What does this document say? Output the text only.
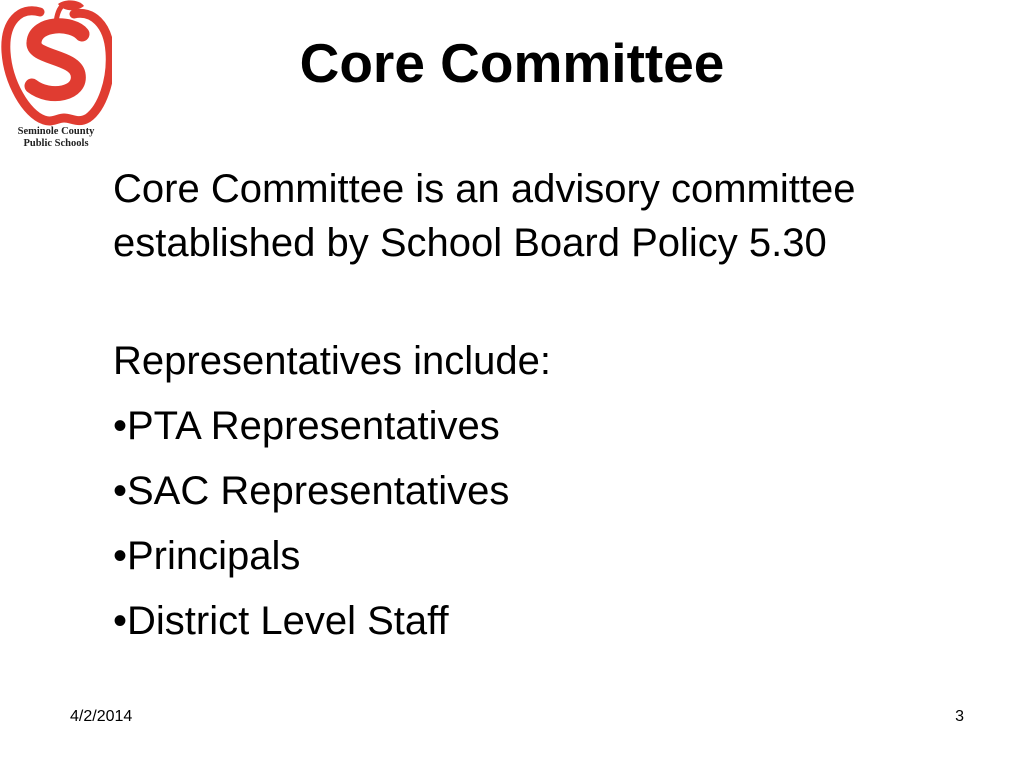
Seminole County
Public Schools
Core Committee

Core Committee is an advisory committee established by School Board Policy 5.30

Representatives include:

•PTA Representatives
•SAC Representatives
•Principals
•District Level Staff
4/2/2014	3
